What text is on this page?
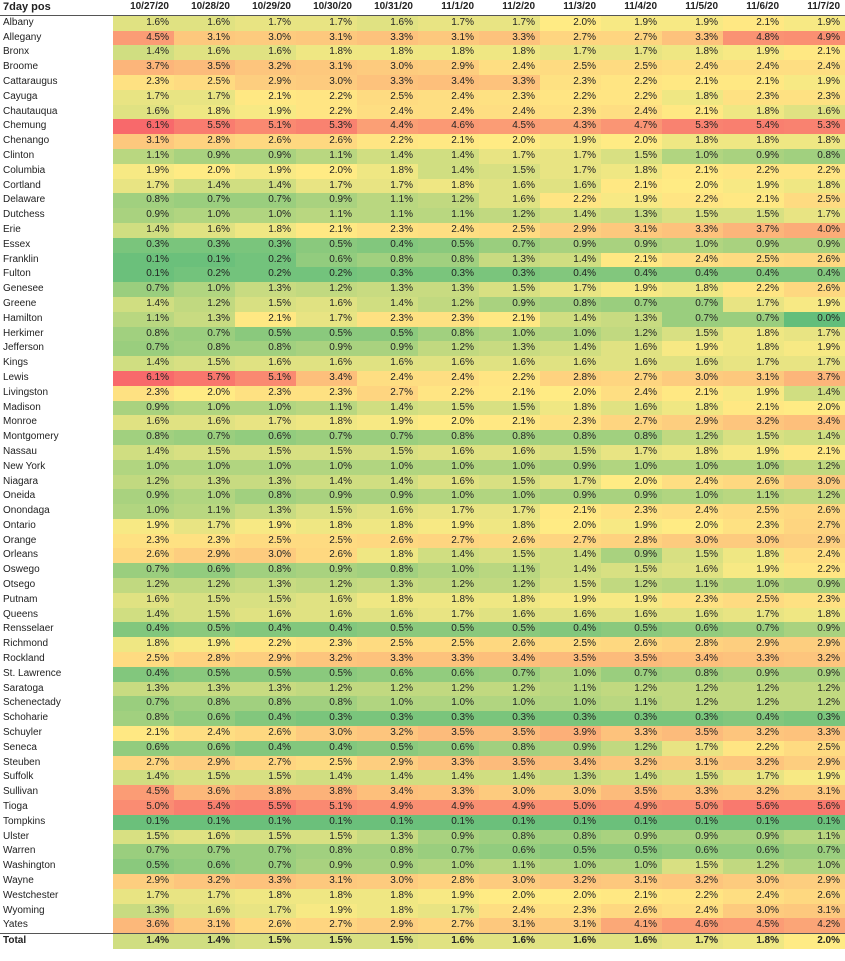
7day pos	10/27/20	10/28/20	10/29/20	10/30/20	10/31/20	11/1/20	11/2/20	11/3/20	11/4/20	11/5/20	11/6/20	11/7/20
Albany	1.6%	1.6%	1.7%	1.7%	1.6%	1.7%	1.7%	2.0%	1.9%	1.9%	2.1%	1.9%
Allegany	4.5%	3.1%	3.0%	3.1%	3.3%	3.1%	3.3%	2.7%	2.7%	3.3%	4.8%	4.9%
Bronx	1.4%	1.6%	1.6%	1.8%	1.8%	1.8%	1.8%	1.7%	1.7%	1.8%	1.9%	2.1%
Broome	3.7%	3.5%	3.2%	3.1%	3.0%	2.9%	2.4%	2.5%	2.5%	2.4%	2.4%	2.4%
Cattaraugus	2.3%	2.5%	2.9%	3.0%	3.3%	3.4%	3.3%	2.3%	2.2%	2.1%	2.1%	1.9%
Cayuga	1.7%	1.7%	2.1%	2.2%	2.5%	2.4%	2.3%	2.2%	2.2%	1.8%	2.3%	2.3%
Chautauqua	1.6%	1.8%	1.9%	2.2%	2.4%	2.4%	2.4%	2.3%	2.4%	2.1%	1.8%	1.6%
Chemung	6.1%	5.5%	5.1%	5.3%	4.4%	4.6%	4.5%	4.3%	4.7%	5.3%	5.4%	5.3%
Chenango	3.1%	2.8%	2.6%	2.6%	2.2%	2.1%	2.0%	1.9%	2.0%	1.8%	1.8%	1.8%
Clinton	1.1%	0.9%	0.9%	1.1%	1.4%	1.4%	1.7%	1.7%	1.5%	1.0%	0.9%	0.8%
Columbia	1.9%	2.0%	1.9%	2.0%	1.8%	1.4%	1.5%	1.7%	1.8%	2.1%	2.2%	2.2%
Cortland	1.7%	1.4%	1.4%	1.7%	1.7%	1.8%	1.6%	1.6%	2.1%	2.0%	1.9%	1.8%
Delaware	0.8%	0.7%	0.7%	0.9%	1.1%	1.2%	1.6%	2.2%	1.9%	2.2%	2.1%	2.5%
Dutchess	0.9%	1.0%	1.0%	1.1%	1.1%	1.1%	1.2%	1.4%	1.3%	1.5%	1.5%	1.7%
Erie	1.4%	1.6%	1.8%	2.1%	2.3%	2.4%	2.5%	2.9%	3.1%	3.3%	3.7%	4.0%
Essex	0.3%	0.3%	0.3%	0.5%	0.4%	0.5%	0.7%	0.9%	0.9%	1.0%	0.9%	0.9%
Franklin	0.1%	0.1%	0.2%	0.6%	0.8%	0.8%	1.3%	1.4%	2.1%	2.4%	2.5%	2.6%
Fulton	0.1%	0.2%	0.2%	0.2%	0.3%	0.3%	0.3%	0.4%	0.4%	0.4%	0.4%	0.4%
Genesee	0.7%	1.0%	1.3%	1.2%	1.3%	1.3%	1.5%	1.7%	1.9%	1.8%	2.2%	2.6%
Greene	1.4%	1.2%	1.5%	1.6%	1.4%	1.2%	0.9%	0.8%	0.7%	0.7%	1.7%	1.9%
Hamilton	1.1%	1.3%	2.1%	1.7%	2.3%	2.3%	2.1%	1.4%	1.3%	0.7%	0.7%	0.0%
Herkimer	0.8%	0.7%	0.5%	0.5%	0.5%	0.8%	1.0%	1.0%	1.2%	1.5%	1.8%	1.7%
Jefferson	0.7%	0.8%	0.8%	0.9%	0.9%	1.2%	1.3%	1.4%	1.6%	1.9%	1.8%	1.9%
Kings	1.4%	1.5%	1.6%	1.6%	1.6%	1.6%	1.6%	1.6%	1.6%	1.6%	1.7%	1.7%
Lewis	6.1%	5.7%	5.1%	3.4%	2.4%	2.4%	2.2%	2.8%	2.7%	3.0%	3.1%	3.7%
Livingston	2.3%	2.0%	2.3%	2.3%	2.7%	2.2%	2.1%	2.0%	2.4%	2.1%	1.9%	1.4%
Madison	0.9%	1.0%	1.0%	1.1%	1.4%	1.5%	1.5%	1.8%	1.6%	1.8%	2.1%	2.0%
Monroe	1.6%	1.6%	1.7%	1.8%	1.9%	2.0%	2.1%	2.3%	2.7%	2.9%	3.2%	3.4%
Montgomery	0.8%	0.7%	0.6%	0.7%	0.7%	0.8%	0.8%	0.8%	0.8%	1.2%	1.5%	1.4%
Nassau	1.4%	1.5%	1.5%	1.5%	1.5%	1.6%	1.6%	1.5%	1.7%	1.8%	1.9%	2.1%
New York	1.0%	1.0%	1.0%	1.0%	1.0%	1.0%	1.0%	0.9%	1.0%	1.0%	1.0%	1.2%
Niagara	1.2%	1.3%	1.3%	1.4%	1.4%	1.6%	1.5%	1.7%	2.0%	2.4%	2.6%	3.0%
Oneida	0.9%	1.0%	0.8%	0.9%	0.9%	1.0%	1.0%	0.9%	0.9%	1.0%	1.1%	1.2%
Onondaga	1.0%	1.1%	1.3%	1.5%	1.6%	1.7%	1.7%	2.1%	2.3%	2.4%	2.5%	2.6%
Ontario	1.9%	1.7%	1.9%	1.8%	1.8%	1.9%	1.8%	2.0%	1.9%	2.0%	2.3%	2.7%
Orange	2.3%	2.3%	2.5%	2.5%	2.6%	2.7%	2.6%	2.7%	2.8%	3.0%	3.0%	2.9%
Orleans	2.6%	2.9%	3.0%	2.6%	1.8%	1.4%	1.5%	1.4%	0.9%	1.5%	1.8%	2.4%
Oswego	0.7%	0.6%	0.8%	0.9%	0.8%	1.0%	1.1%	1.4%	1.5%	1.6%	1.9%	2.2%
Otsego	1.2%	1.2%	1.3%	1.2%	1.3%	1.2%	1.2%	1.5%	1.2%	1.1%	1.0%	0.9%
Putnam	1.6%	1.5%	1.5%	1.6%	1.8%	1.8%	1.8%	1.9%	1.9%	2.3%	2.5%	2.3%
Queens	1.4%	1.5%	1.6%	1.6%	1.6%	1.7%	1.6%	1.6%	1.6%	1.6%	1.7%	1.8%
Rensselaer	0.4%	0.5%	0.4%	0.4%	0.5%	0.5%	0.5%	0.4%	0.5%	0.6%	0.7%	0.9%
Richmond	1.8%	1.9%	2.2%	2.3%	2.5%	2.5%	2.6%	2.5%	2.6%	2.8%	2.9%	2.9%
Rockland	2.5%	2.8%	2.9%	3.2%	3.3%	3.3%	3.4%	3.5%	3.5%	3.4%	3.3%	3.2%
St. Lawrence	0.4%	0.5%	0.5%	0.5%	0.6%	0.6%	0.7%	1.0%	0.7%	0.8%	0.9%	0.9%
Saratoga	1.3%	1.3%	1.3%	1.2%	1.2%	1.2%	1.2%	1.1%	1.2%	1.2%	1.2%	1.2%
Schenectady	0.7%	0.8%	0.8%	0.8%	1.0%	1.0%	1.0%	1.0%	1.1%	1.2%	1.2%	1.2%
Schoharie	0.8%	0.6%	0.4%	0.3%	0.3%	0.3%	0.3%	0.3%	0.3%	0.3%	0.4%	0.3%
Schuyler	2.1%	2.4%	2.6%	3.0%	3.2%	3.5%	3.5%	3.9%	3.3%	3.5%	3.2%	3.3%
Seneca	0.6%	0.6%	0.4%	0.4%	0.5%	0.6%	0.8%	0.9%	1.2%	1.7%	2.2%	2.5%
Steuben	2.7%	2.9%	2.7%	2.5%	2.9%	3.3%	3.5%	3.4%	3.2%	3.1%	3.2%	2.9%
Suffolk	1.4%	1.5%	1.5%	1.4%	1.4%	1.4%	1.4%	1.3%	1.4%	1.5%	1.7%	1.9%
Sullivan	4.5%	3.6%	3.8%	3.8%	3.4%	3.3%	3.0%	3.0%	3.5%	3.3%	3.2%	3.1%
Tioga	5.0%	5.4%	5.5%	5.1%	4.9%	4.9%	4.9%	5.0%	4.9%	5.0%	5.6%	5.6%
Tompkins	0.1%	0.1%	0.1%	0.1%	0.1%	0.1%	0.1%	0.1%	0.1%	0.1%	0.1%	0.1%
Ulster	1.5%	1.6%	1.5%	1.5%	1.3%	0.9%	0.8%	0.8%	0.9%	0.9%	0.9%	1.1%
Warren	0.7%	0.7%	0.7%	0.8%	0.8%	0.7%	0.6%	0.5%	0.5%	0.6%	0.6%	0.7%
Washington	0.5%	0.6%	0.7%	0.9%	0.9%	1.0%	1.1%	1.0%	1.0%	1.5%	1.2%	1.0%
Wayne	2.9%	3.2%	3.3%	3.1%	3.0%	2.8%	3.0%	3.2%	3.1%	3.2%	3.0%	2.9%
Westchester	1.7%	1.7%	1.8%	1.8%	1.8%	1.9%	2.0%	2.0%	2.1%	2.2%	2.4%	2.6%
Wyoming	1.3%	1.6%	1.7%	1.9%	1.8%	1.7%	2.4%	2.3%	2.6%	2.4%	3.0%	3.1%
Yates	3.6%	3.1%	2.6%	2.7%	2.9%	2.7%	3.1%	3.1%	4.1%	4.6%	4.5%	4.2%
Total	1.4%	1.4%	1.5%	1.5%	1.5%	1.6%	1.6%	1.6%	1.6%	1.7%	1.8%	2.0%
